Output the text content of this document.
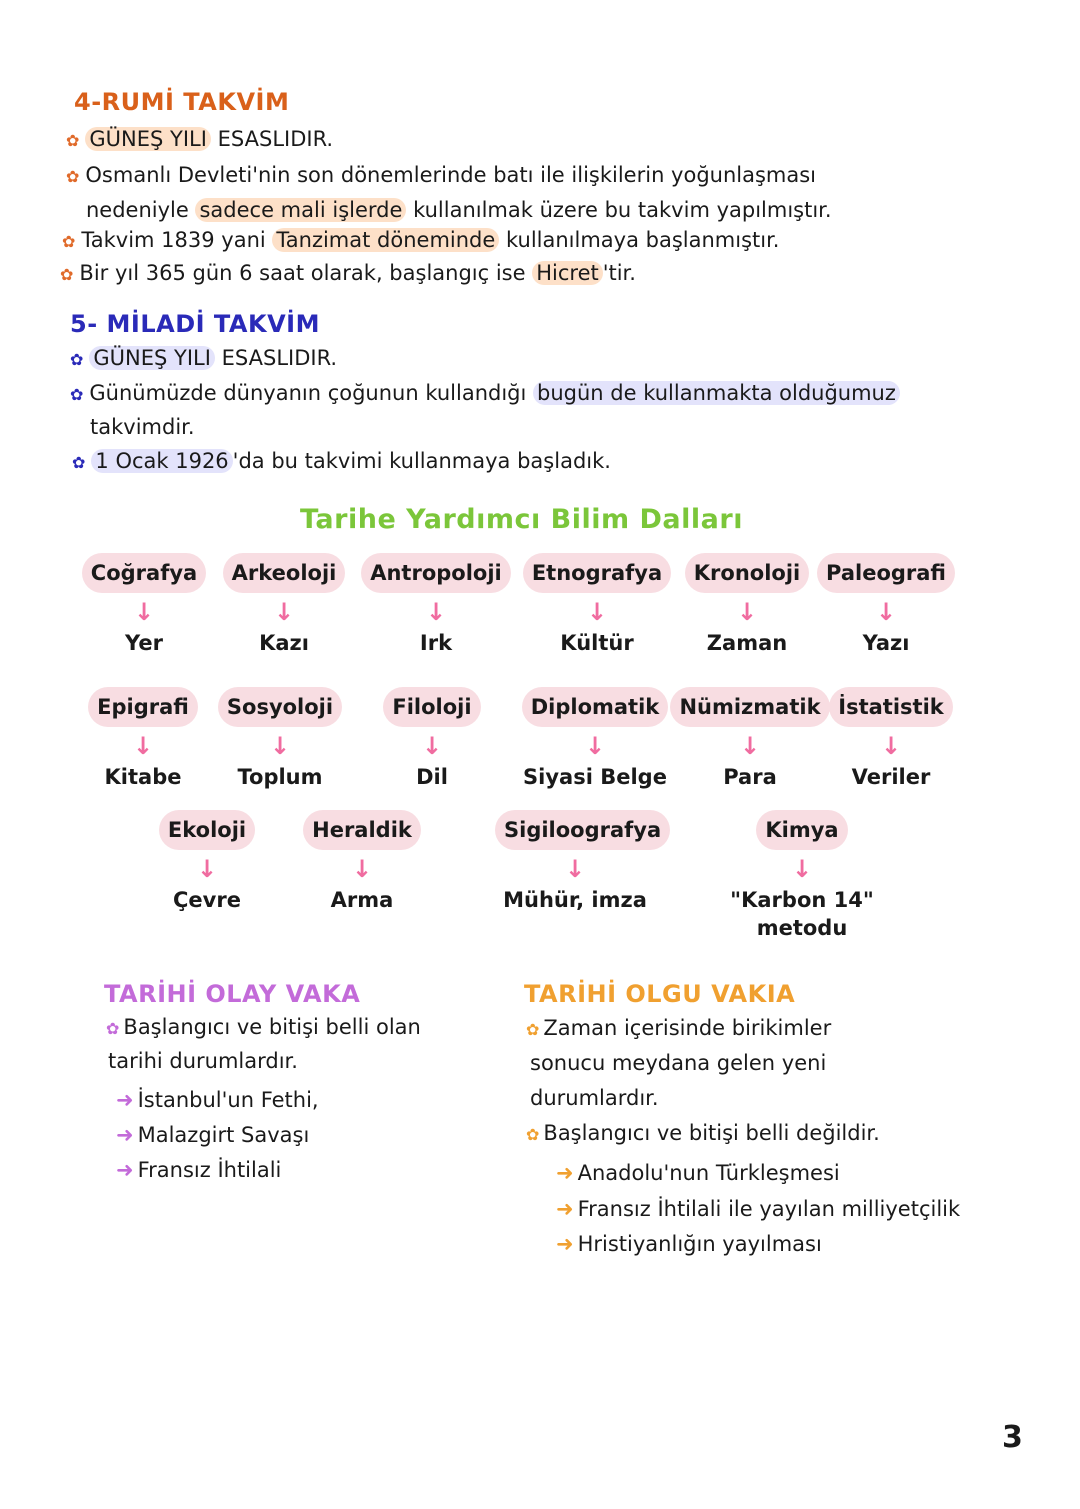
4-RUMİ TAKVİM
✿ GÜNEŞ YILI ESASLIDIR.
✿ Osmanlı Devleti'nin son dönemlerinde batı ile ilişkilerin yoğunlaşması
nedeniyle sadece mali işlerde kullanılmak üzere bu takvim yapılmıştır.
✿ Takvim 1839 yani Tanzimat döneminde kullanılmaya başlanmıştır.
✿ Bir yıl 365 gün 6 saat olarak, başlangıç ise Hicret 'tir.
5- MİLADİ TAKVİM
✿ GÜNEŞ YILI ESASLIDIR.
✿ Günümüzde dünyanın çoğunun kullandığı bugün de kullanmakta olduğumuz
takvimdir.
✿ 1 Ocak 1926 'da bu takvimi kullanmaya başladık.
Tarihe Yardımcı Bilim Dalları
Coğrafya
↓
Yer
Arkeoloji
↓
Kazı
Antropoloji
↓
Irk
Etnografya
↓
Kültür
Kronoloji
↓
Zaman
Paleografi
↓
Yazı
Epigrafi
↓
Kitabe
Sosyoloji
↓
Toplum
Filoloji
↓
Dil
Diplomatik
↓
Siyasi Belge
Nümizmatik
↓
Para
İstatistik
↓
Veriler
Ekoloji
↓
Çevre
Heraldik
↓
Arma
Sigiloografya
↓
Mühür, imza
Kimya
↓
"Karbon 14"
metodu
TARİHİ OLAY VAKA
✿ Başlangıcı ve bitişi belli olan
tarihi durumlardır.
➜ İstanbul'un Fethi,
➜ Malazgirt Savaşı
➜ Fransız İhtilali
TARİHİ OLGU VAKIA
✿ Zaman içerisinde birikimler
sonucu meydana gelen yeni
durumlardır.
✿ Başlangıcı ve bitişi belli değildir.
➜ Anadolu'nun Türkleşmesi
➜ Fransız İhtilali ile yayılan milliyetçilik
➜ Hristiyanlığın yayılması
3
